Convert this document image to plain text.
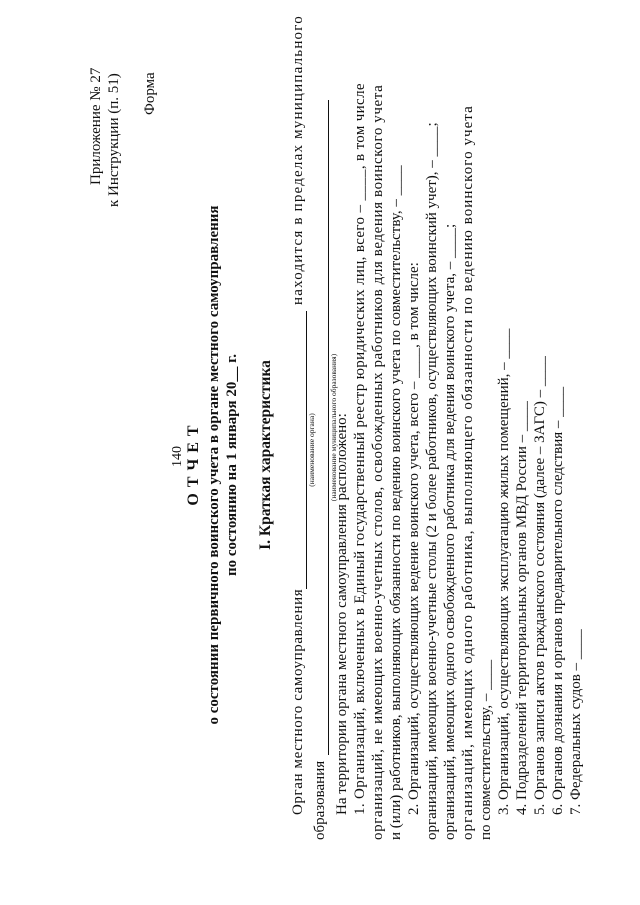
140
Приложение № 27 к Инструкции (п. 51) Форма
О Т Ч Е Т о состоянии первичного воинского учета в органе местного самоуправления по состоянию на 1 января 20__ г. I. Краткая характеристика
Орган местного самоуправления
(наименование органа)
находится в пределах муниципального
образования
(наименование муниципального образования)
На территории органа местного самоуправления расположено: 1. Организаций, включенных в Единый государственный реестр юридических лиц, всего – ____, в том числе организаций, не имеющих военно-учетных столов, освобожденных работников для ведения воинского учета и (или) работников, выполняющих обязанности по ведению воинского учета по совместительству, – ____ 2. Организаций, осуществляющих ведение воинского учета, всего – ____, в том числе: организаций, имеющих военно-учетные столы (2 и более работников, осуществляющих воинский учет), – ____; организаций, имеющих одного освобожденного работника для ведения воинского учета, – ____; организаций, имеющих одного работника, выполняющего обязанности по ведению воинского учета по совместительству, – ____ 3. Организаций, осуществляющих эксплуатацию жилых помещений, – ____ 4. Подразделений территориальных органов МВД России – ____ 5. Органов записи актов гражданского состояния (далее – ЗАГС) – ____ 6. Органов дознания и органов предварительного следствия – ____ 7. Федеральных судов – ____
